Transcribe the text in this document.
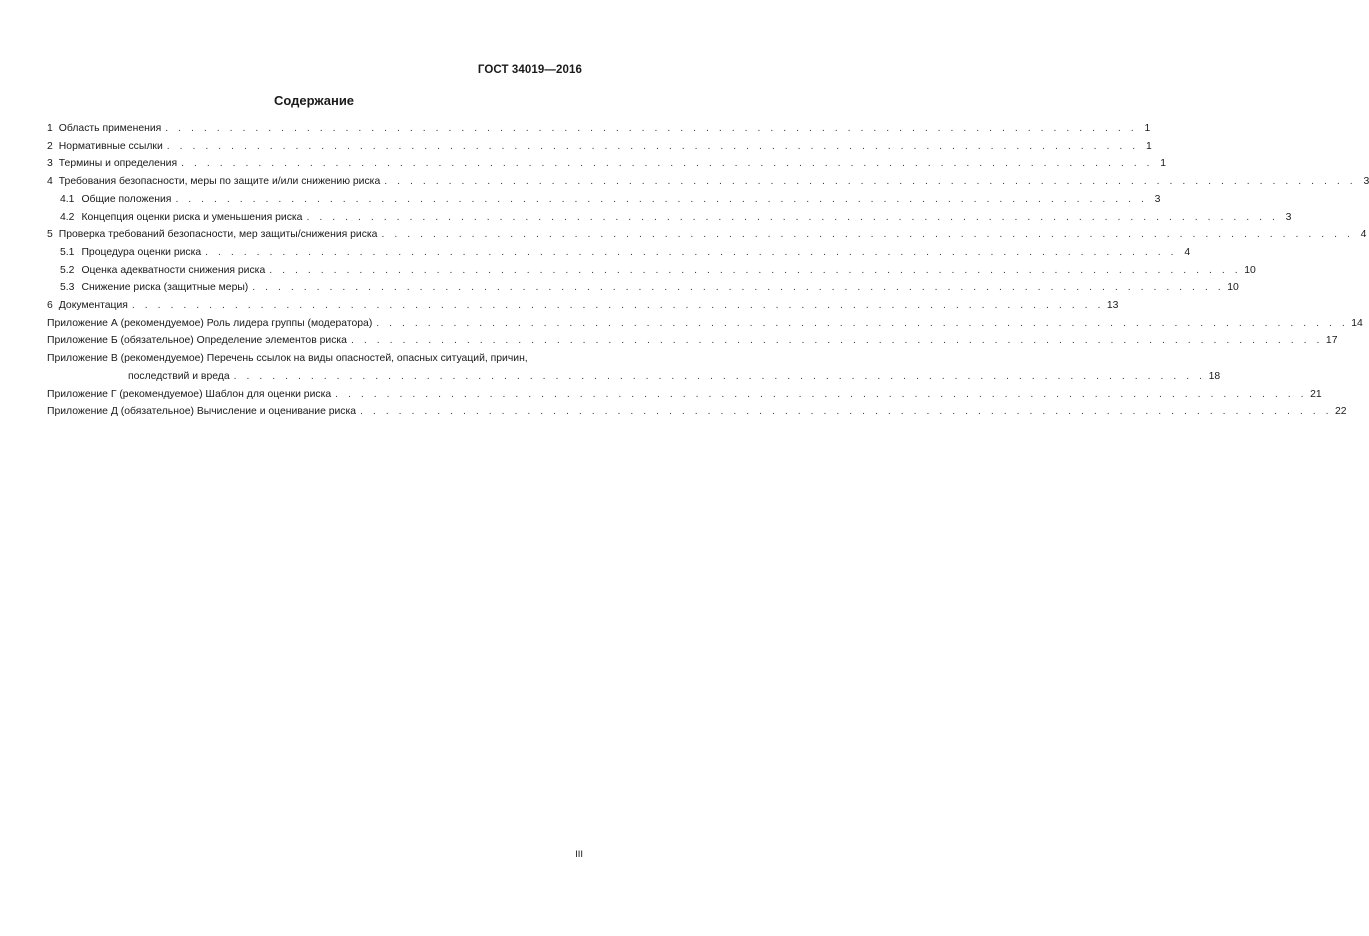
ГОСТ 34019—2016
Содержание
1 Область применения . . . . . . . . . . . . . . . . . . . . . . . . . . . . . . . . . . . . . . . . . . . . . . . . . . . . . . . . . . . . . . . . . . . . . . . . . . . . 1
2 Нормативные ссылки . . . . . . . . . . . . . . . . . . . . . . . . . . . . . . . . . . . . . . . . . . . . . . . . . . . . . . . . . . . . . . . . . . . . . . . . . . . . 1
3 Термины и определения . . . . . . . . . . . . . . . . . . . . . . . . . . . . . . . . . . . . . . . . . . . . . . . . . . . . . . . . . . . . . . . . . . . . . . . . . . . . 1
4 Требования безопасности, меры по защите и/или снижению риска . . . . . . . . . . . . . . . . . . . . . . . . . . . . . . . . . . . . . . . . . . . . . . . . . . . . . . . . . . . . . . . . . . . . . . . . . . . . 3
4.1 Общие положения . . . . . . . . . . . . . . . . . . . . . . . . . . . . . . . . . . . . . . . . . . . . . . . . . . . . . . . . . . . . . . . . . . . . . . . . . . . . 3
4.2 Концепция оценки риска и уменьшения риска . . . . . . . . . . . . . . . . . . . . . . . . . . . . . . . . . . . . . . . . . . . . . . . . . . . . . . . . . . . . . . . . . . . . . . . . . . . . 3
5 Проверка требований безопасности, мер защиты/снижения риска . . . . . . . . . . . . . . . . . . . . . . . . . . . . . . . . . . . . . . . . . . . . . . . . . . . . . . . . . . . . . . . . . . . . . . . . . . . . 4
5.1 Процедура оценки риска . . . . . . . . . . . . . . . . . . . . . . . . . . . . . . . . . . . . . . . . . . . . . . . . . . . . . . . . . . . . . . . . . . . . . . . . . . . . 4
5.2 Оценка адекватности снижения риска . . . . . . . . . . . . . . . . . . . . . . . . . . . . . . . . . . . . . . . . . . . . . . . . . . . . . . . . . . . . . . . . . . . . . . . . . . . . 10
5.3 Снижение риска (защитные меры) . . . . . . . . . . . . . . . . . . . . . . . . . . . . . . . . . . . . . . . . . . . . . . . . . . . . . . . . . . . . . . . . . . . . . . . . . . . . 10
6 Документация . . . . . . . . . . . . . . . . . . . . . . . . . . . . . . . . . . . . . . . . . . . . . . . . . . . . . . . . . . . . . . . . . . . . . . . . . . . . 13
Приложение А (рекомендуемое) Роль лидера группы (модератора) . . . . . . . . . . . . . . . . . . . . . . . . . . . . . . . . . . . . . . . . . . . . . . . . . . . . . . . . . . . . . . . . . . . . . . . . . . . . 14
Приложение Б (обязательное) Определение элементов риска . . . . . . . . . . . . . . . . . . . . . . . . . . . . . . . . . . . . . . . . . . . . . . . . . . . . . . . . . . . . . . . . . . . . . . . . . . . . 17
Приложение В (рекомендуемое) Перечень ссылок на виды опасностей, опасных ситуаций, причин,
последствий и вреда . . . . . . . . . . . . . . . . . . . . . . . . . . . . . . . . . . . . . . . . . . . . . . . . . . . . . . . . . . . . . . . . . . . . . . . . . . . . 18
Приложение Г (рекомендуемое) Шаблон для оценки риска . . . . . . . . . . . . . . . . . . . . . . . . . . . . . . . . . . . . . . . . . . . . . . . . . . . . . . . . . . . . . . . . . . . . . . . . . . . . 21
Приложение Д (обязательное) Вычисление и оценивание риска . . . . . . . . . . . . . . . . . . . . . . . . . . . . . . . . . . . . . . . . . . . . . . . . . . . . . . . . . . . . . . . . . . . . . . . . . . . . 22
III
